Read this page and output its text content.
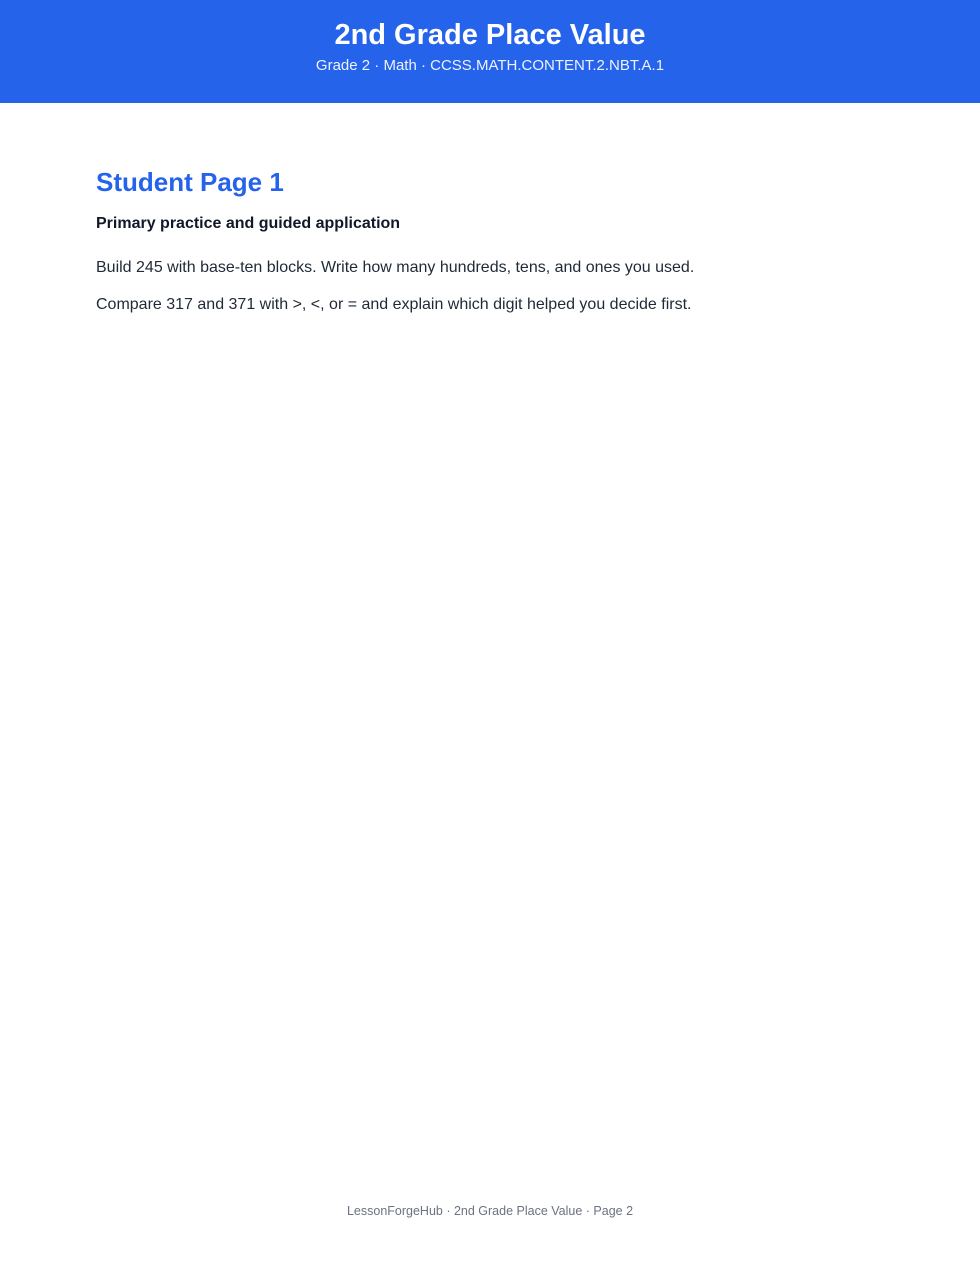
2nd Grade Place Value
Grade 2 · Math · CCSS.MATH.CONTENT.2.NBT.A.1
Student Page 1
Primary practice and guided application

Build 245 with base-ten blocks. Write how many hundreds, tens, and ones you used.

Compare 317 and 371 with >, <, or = and explain which digit helped you decide first.

LessonForgeHub · 2nd Grade Place Value · Page 2
